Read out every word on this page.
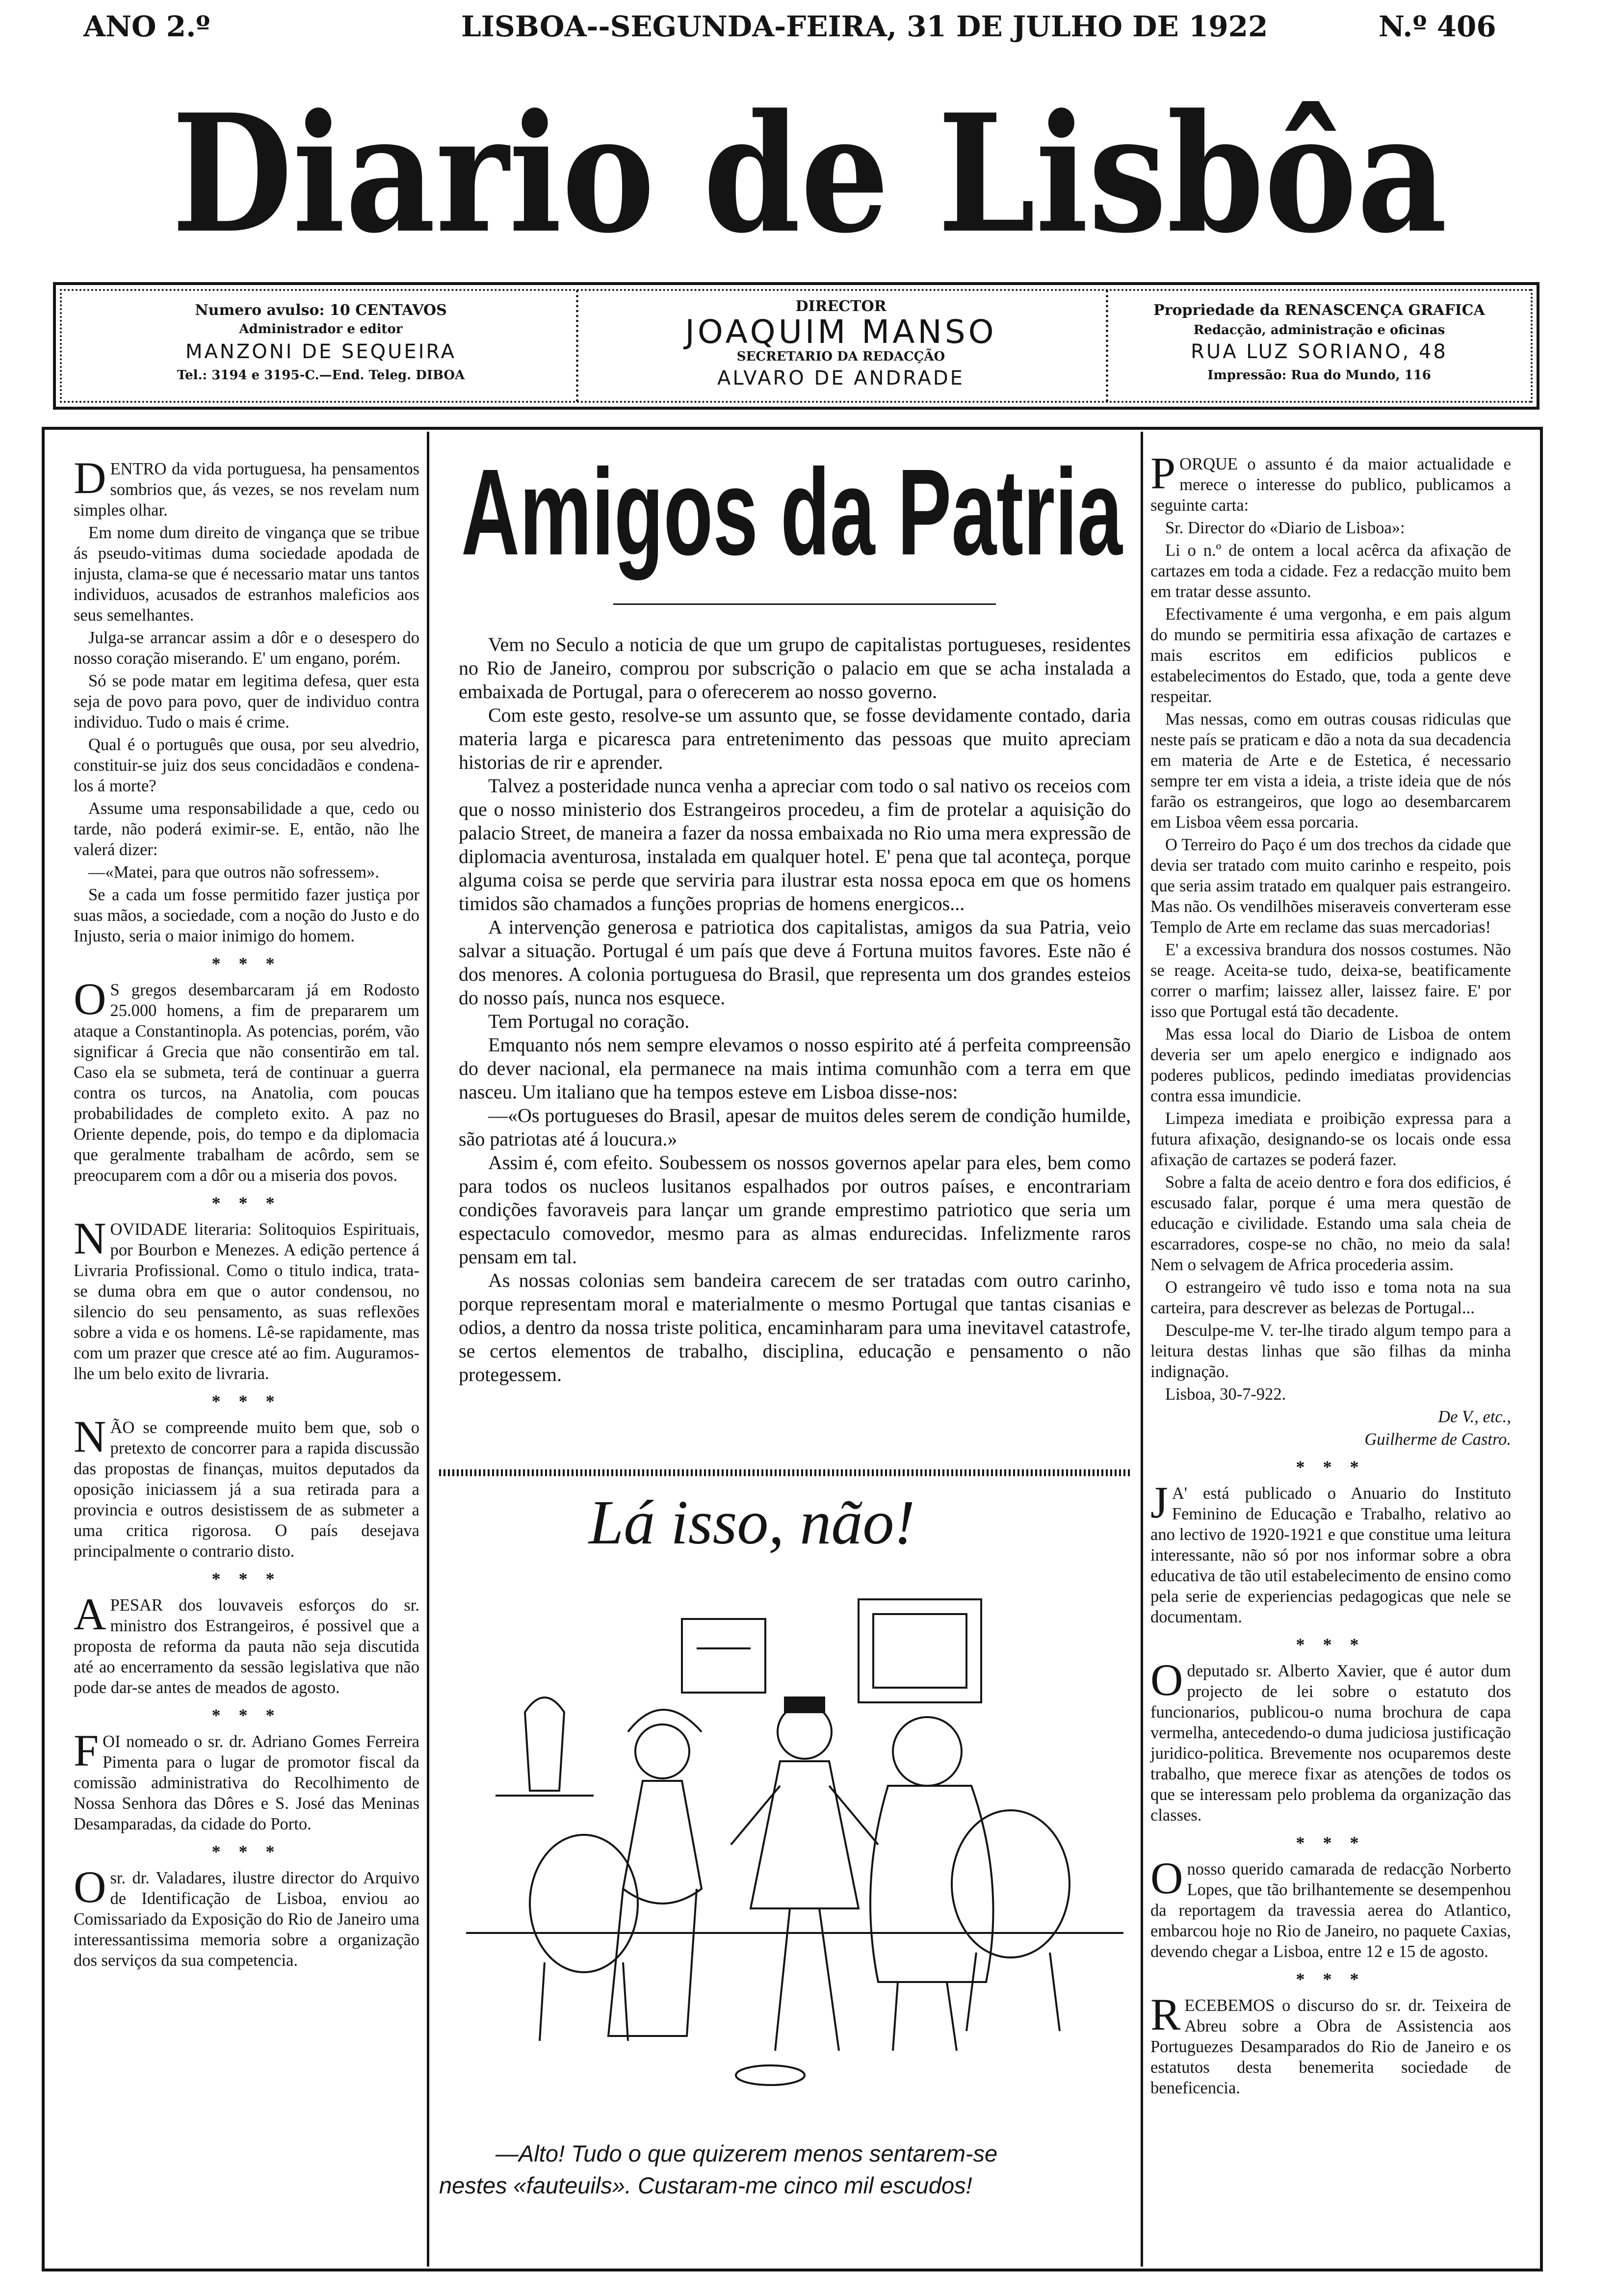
ANO 2.º	LISBOA--SEGUNDA-FEIRA, 31 DE JULHO DE 1922	N.º 406
Diario de Lisbôa
Numero avulso: 10 CENTAVOS
Administrador e editor
MANZONI DE SEQUEIRA
Tel.: 3194 e 3195-C.—End. Teleg. DIBOA
DIRECTOR
JOAQUIM MANSO
SECRETARIO DA REDACÇÃO
ALVARO DE ANDRADE
Propriedade da RENASCENÇA GRAFICA
Redacção, administração e oficinas
RUA LUZ SORIANO, 48
Impressão: Rua do Mundo, 116

DENTRO da vida portuguesa, ha pensamentos sombrios que, ás vezes, se nos revelam num simples olhar.

Em nome dum direito de vingança que se tribue ás pseudo-vitimas duma sociedade apodada de injusta, clama-se que é necessario matar uns tantos individuos, acusados de estranhos maleficios aos seus semelhantes.

Julga-se arrancar assim a dôr e o desespero do nosso coração miserando. E' um engano, porém.

Só se pode matar em legitima defesa, quer esta seja de povo para povo, quer de individuo contra individuo. Tudo o mais é crime.

Qual é o português que ousa, por seu alvedrio, constituir-se juiz dos seus concidadãos e condena-los á morte?

Assume uma responsabilidade a que, cedo ou tarde, não poderá eximir-se. E, então, não lhe valerá dizer:

—«Matei, para que outros não sofressem».

Se a cada um fosse permitido fazer justiça por suas mãos, a sociedade, com a noção do Justo e do Injusto, seria o maior inimigo do homem.

* * *

O S gregos desembarcaram já em Rodosto 25.000 homens, a fim de prepararem um ataque a Constantinopla. As potencias, porém, vão significar á Grecia que não consentirão em tal. Caso ela se submeta, terá de continuar a guerra contra os turcos, na Anatolia, com poucas probabilidades de completo exito. A paz no Oriente depende, pois, do tempo e da diplomacia que geralmente trabalham de acôrdo, sem se preocuparem com a dôr ou a miseria dos povos.

* * *

NOVIDADE literaria: Solitoquios Espirituais, por Bourbon e Menezes. A edição pertence á Livraria Profissional. Como o titulo indica, trata-se duma obra em que o autor condensou, no silencio do seu pensamento, as suas reflexões sobre a vida e os homens. Lê-se rapidamente, mas com um prazer que cresce até ao fim. Auguramos-lhe um belo exito de livraria.

* * *

NÃO se compreende muito bem que, sob o pretexto de concorrer para a rapida discussão das propostas de finanças, muitos deputados da oposição iniciassem já a sua retirada para a provincia e outros desistissem de as submeter a uma critica rigorosa. O país desejava principalmente o contrario disto.

* * *

APESAR dos louvaveis esforços do sr. ministro dos Estrangeiros, é possivel que a proposta de reforma da pauta não seja discutida até ao encerramento da sessão legislativa que não pode dar-se antes de meados de agosto.

* * *

FOI nomeado o sr. dr. Adriano Gomes Ferreira Pimenta para o lugar de promotor fiscal da comissão administrativa do Recolhimento de Nossa Senhora das Dôres e S. José das Meninas Desamparadas, da cidade do Porto.

* * *

O sr. dr. Valadares, ilustre director do Arquivo de Identificação de Lisboa, enviou ao Comissariado da Exposição do Rio de Janeiro uma interessantissima memoria sobre a organização dos serviços da sua competencia.

Amigos da Patria

Vem no Seculo a noticia de que um grupo de capitalistas portugueses, residentes no Rio de Janeiro, comprou por subscrição o palacio em que se acha instalada a embaixada de Portugal, para o oferecerem ao nosso governo.

Com este gesto, resolve-se um assunto que, se fosse devidamente contado, daria materia larga e picaresca para entretenimento das pessoas que muito apreciam historias de rir e aprender.

Talvez a posteridade nunca venha a apreciar com todo o sal nativo os receios com que o nosso ministerio dos Estrangeiros procedeu, a fim de protelar a aquisição do palacio Street, de maneira a fazer da nossa embaixada no Rio uma mera expressão de diplomacia aventurosa, instalada em qualquer hotel. E' pena que tal aconteça, porque alguma coisa se perde que serviria para ilustrar esta nossa epoca em que os homens timidos são chamados a funções proprias de homens energicos...

A intervenção generosa e patriotica dos capitalistas, amigos da sua Patria, veio salvar a situação. Portugal é um país que deve á Fortuna muitos favores. Este não é dos menores. A colonia portuguesa do Brasil, que representa um dos grandes esteios do nosso país, nunca nos esquece.

Tem Portugal no coração.

Emquanto nós nem sempre elevamos o nosso espirito até á perfeita compreensão do dever nacional, ela permanece na mais intima comunhão com a terra em que nasceu. Um italiano que ha tempos esteve em Lisboa disse-nos:

—«Os portugueses do Brasil, apesar de muitos deles serem de condição humilde, são patriotas até á loucura.»

Assim é, com efeito. Soubessem os nossos governos apelar para eles, bem como para todos os nucleos lusitanos espalhados por outros países, e encontrariam condições favoraveis para lançar um grande emprestimo patriotico que seria um espectaculo comovedor, mesmo para as almas endurecidas. Infelizmente raros pensam em tal.

As nossas colonias sem bandeira carecem de ser tratadas com outro carinho, porque representam moral e materialmente o mesmo Portugal que tantas cisanias e odios, a dentro da nossa triste politica, encaminharam para uma inevitavel catastrofe, se certos elementos de trabalho, disciplina, educação e pensamento o não protegessem.

Lá isso, não!
—Alto! Tudo o que quizerem menos sentarem-se
nestes «fauteuils». Custaram-me cinco mil escudos!

PORQUE o assunto é da maior actualidade e merece o interesse do publico, publicamos a seguinte carta:

Sr. Director do «Diario de Lisboa»:

Li o n.º de ontem a local acêrca da afixação de cartazes em toda a cidade. Fez a redacção muito bem em tratar desse assunto.

Efectivamente é uma vergonha, e em pais algum do mundo se permitiria essa afixação de cartazes e mais escritos em edificios publicos e estabelecimentos do Estado, que, toda a gente deve respeitar.

Mas nessas, como em outras cousas ridiculas que neste país se praticam e dão a nota da sua decadencia em materia de Arte e de Estetica, é necessario sempre ter em vista a ideia, a triste ideia que de nós farão os estrangeiros, que logo ao desembarcarem em Lisboa vêem essa porcaria.

O Terreiro do Paço é um dos trechos da cidade que devia ser tratado com muito carinho e respeito, pois que seria assim tratado em qualquer pais estrangeiro. Mas não. Os vendilhões miseraveis converteram esse Templo de Arte em reclame das suas mercadorias!

E' a excessiva brandura dos nossos costumes. Não se reage. Aceita-se tudo, deixa-se, beatificamente correr o marfim; laissez aller, laissez faire. E' por isso que Portugal está tão decadente.

Mas essa local do Diario de Lisboa de ontem deveria ser um apelo energico e indignado aos poderes publicos, pedindo imediatas providencias contra essa imundicie.

Limpeza imediata e proibição expressa para a futura afixação, designando-se os locais onde essa afixação de cartazes se poderá fazer.

Sobre a falta de aceio dentro e fora dos edificios, é escusado falar, porque é uma mera questão de educação e civilidade. Estando uma sala cheia de escarradores, cospe-se no chão, no meio da sala! Nem o selvagem de Africa procederia assim.

O estrangeiro vê tudo isso e toma nota na sua carteira, para descrever as belezas de Portugal...

Desculpe-me V. ter-lhe tirado algum tempo para a leitura destas linhas que são filhas da minha indignação.

Lisboa, 30-7-922.

De V., etc.,

Guilherme de Castro.

* * *

J A' está publicado o Anuario do Instituto Feminino de Educação e Trabalho, relativo ao ano lectivo de 1920-1921 e que constitue uma leitura interessante, não só por nos informar sobre a obra educativa de tão util estabelecimento de ensino como pela serie de experiencias pedagogicas que nele se documentam.

* * *

O deputado sr. Alberto Xavier, que é autor dum projecto de lei sobre o estatuto dos funcionarios, publicou-o numa brochura de capa vermelha, antecedendo-o duma judiciosa justificação juridico-politica. Brevemente nos ocuparemos deste trabalho, que merece fixar as atenções de todos os que se interessam pelo problema da organização das classes.

* * *

O nosso querido camarada de redacção Norberto Lopes, que tão brilhantemente se desempenhou da reportagem da travessia aerea do Atlantico, embarcou hoje no Rio de Janeiro, no paquete Caxias, devendo chegar a Lisboa, entre 12 e 15 de agosto.

* * *

RECEBEMOS o discurso do sr. dr. Teixeira de Abreu sobre a Obra de Assistencia aos Portuguezes Desamparados do Rio de Janeiro e os estatutos desta benemerita sociedade de beneficencia.
